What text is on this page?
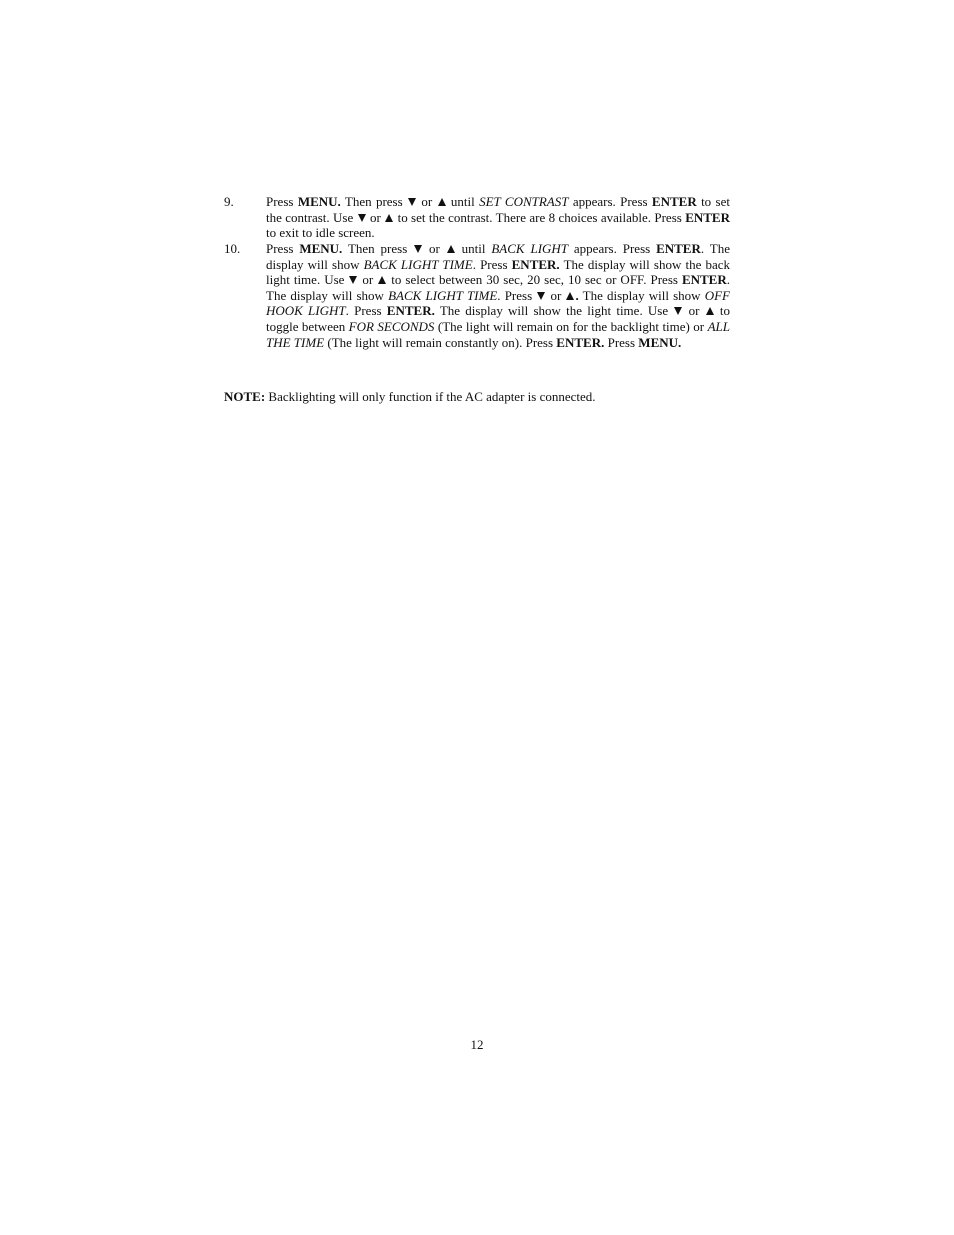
9. Press MENU. Then press  or  until SET CONTRAST appears. Press ENTER to set the contrast. Use  or  to set the contrast. There are 8 choices available. Press ENTER to exit to idle screen.
10. Press MENU. Then press  or  until BACK LIGHT appears. Press ENTER. The display will show BACK LIGHT TIME. Press ENTER. The display will show the back light time. Use  or  to select between 30 sec, 20 sec, 10 sec or OFF. Press ENTER. The display will show BACK LIGHT TIME. Press  or . The display will show OFF HOOK LIGHT. Press ENTER. The display will show the light time. Use  or  to toggle between FOR SECONDS (The light will remain on for the backlight time) or ALL THE TIME (The light will remain constantly on). Press ENTER. Press MENU.
NOTE: Backlighting will only function if the AC adapter is connected.
12
